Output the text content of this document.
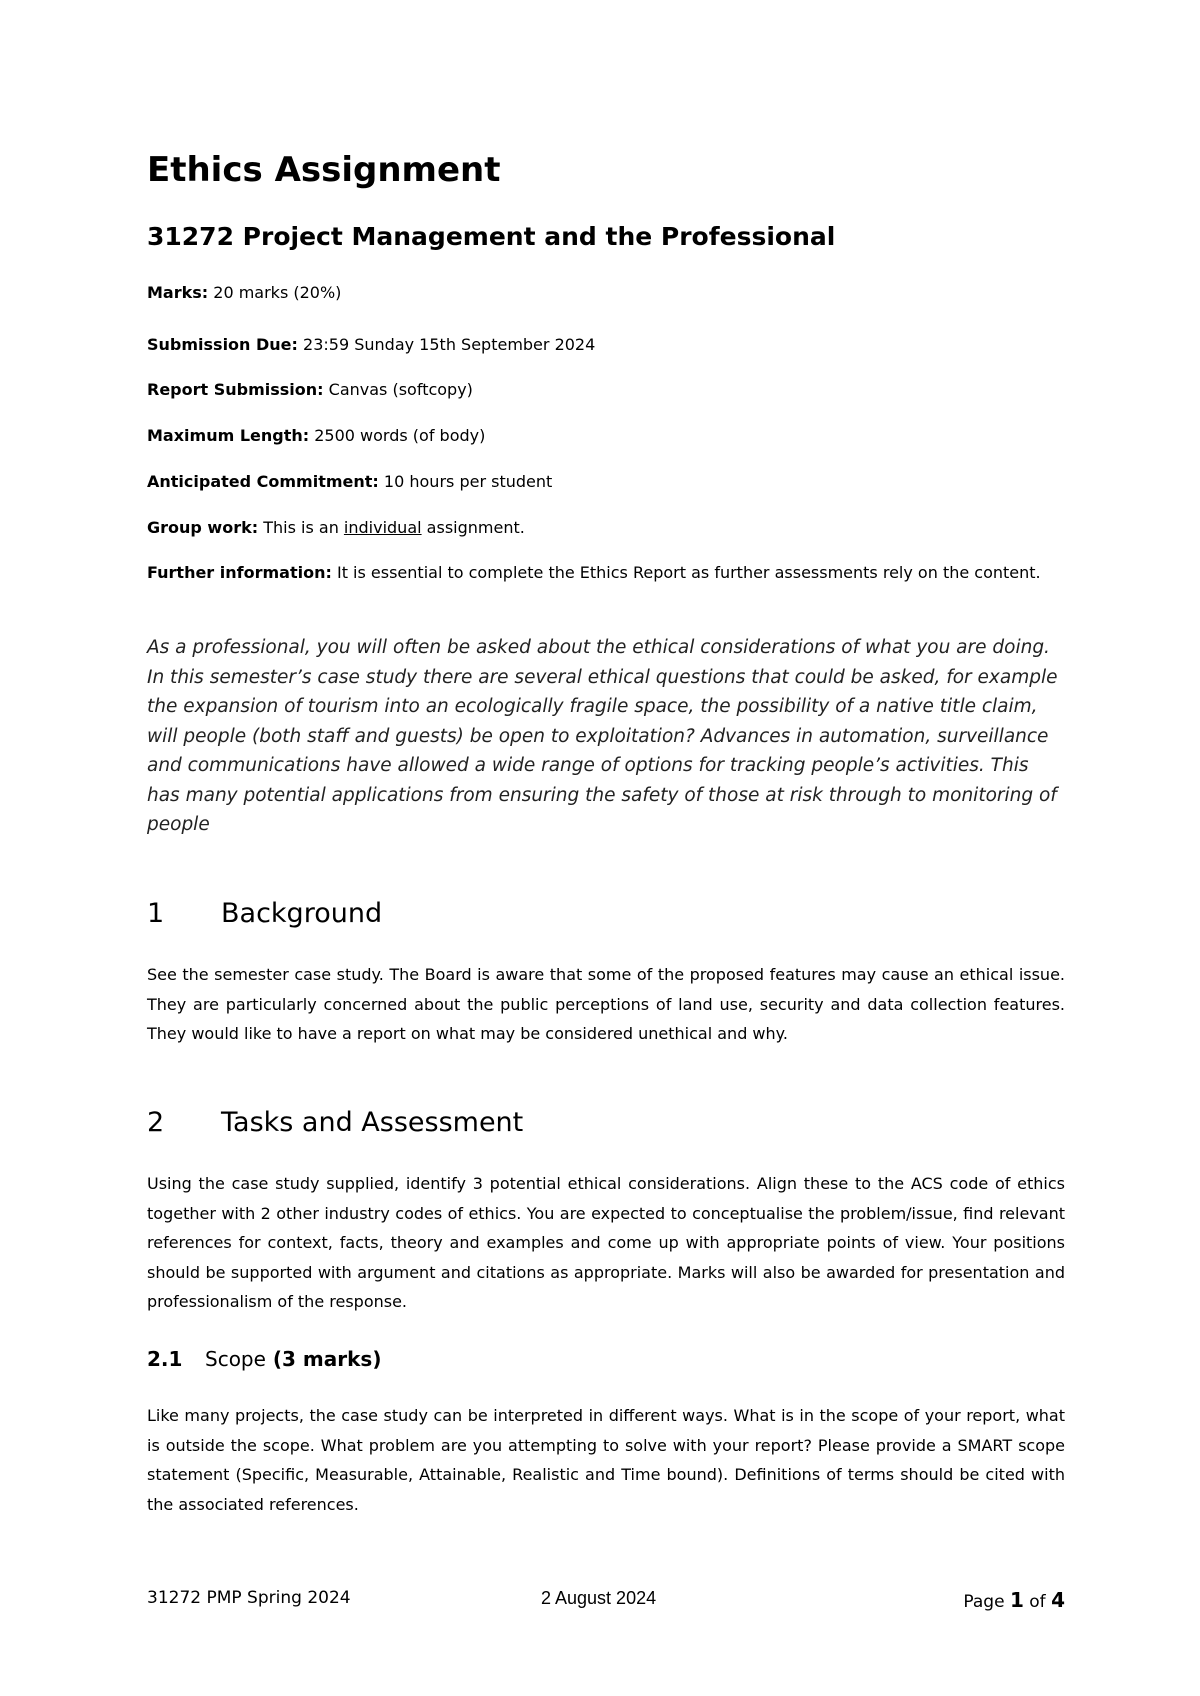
Ethics Assignment
31272 Project Management and the Professional
Marks: 20 marks (20%)
Submission Due: 23:59 Sunday 15th September 2024
Report Submission: Canvas (softcopy)
Maximum Length: 2500 words (of body)
Anticipated Commitment: 10 hours per student
Group work: This is an individual assignment.
Further information: It is essential to complete the Ethics Report as further assessments rely on the content.

As a professional, you will often be asked about the ethical considerations of what you are doing. In this semester’s case study there are several ethical questions that could be asked, for example the expansion of tourism into an ecologically fragile space, the possibility of a native title claim, will people (both staff and guests) be open to exploitation? Advances in automation, surveillance and communications have allowed a wide range of options for tracking people’s activities. This has many potential applications from ensuring the safety of those at risk through to monitoring of people

1 Background

See the semester case study. The Board is aware that some of the proposed features may cause an ethical issue. They are particularly concerned about the public perceptions of land use, security and data collection features. They would like to have a report on what may be considered unethical and why.

2 Tasks and Assessment

Using the case study supplied, identify 3 potential ethical considerations. Align these to the ACS code of ethics together with 2 other industry codes of ethics. You are expected to conceptualise the problem/issue, find relevant references for context, facts, theory and examples and come up with appropriate points of view. Your positions should be supported with argument and citations as appropriate. Marks will also be awarded for presentation and professionalism of the response.

2.1 Scope (3 marks)

Like many projects, the case study can be interpreted in different ways. What is in the scope of your report, what is outside the scope. What problem are you attempting to solve with your report? Please provide a SMART scope statement (Specific, Measurable, Attainable, Realistic and Time bound). Definitions of terms should be cited with the associated references.

31272 PMP Spring 2024	2 August 2024	Page 1 of 4
